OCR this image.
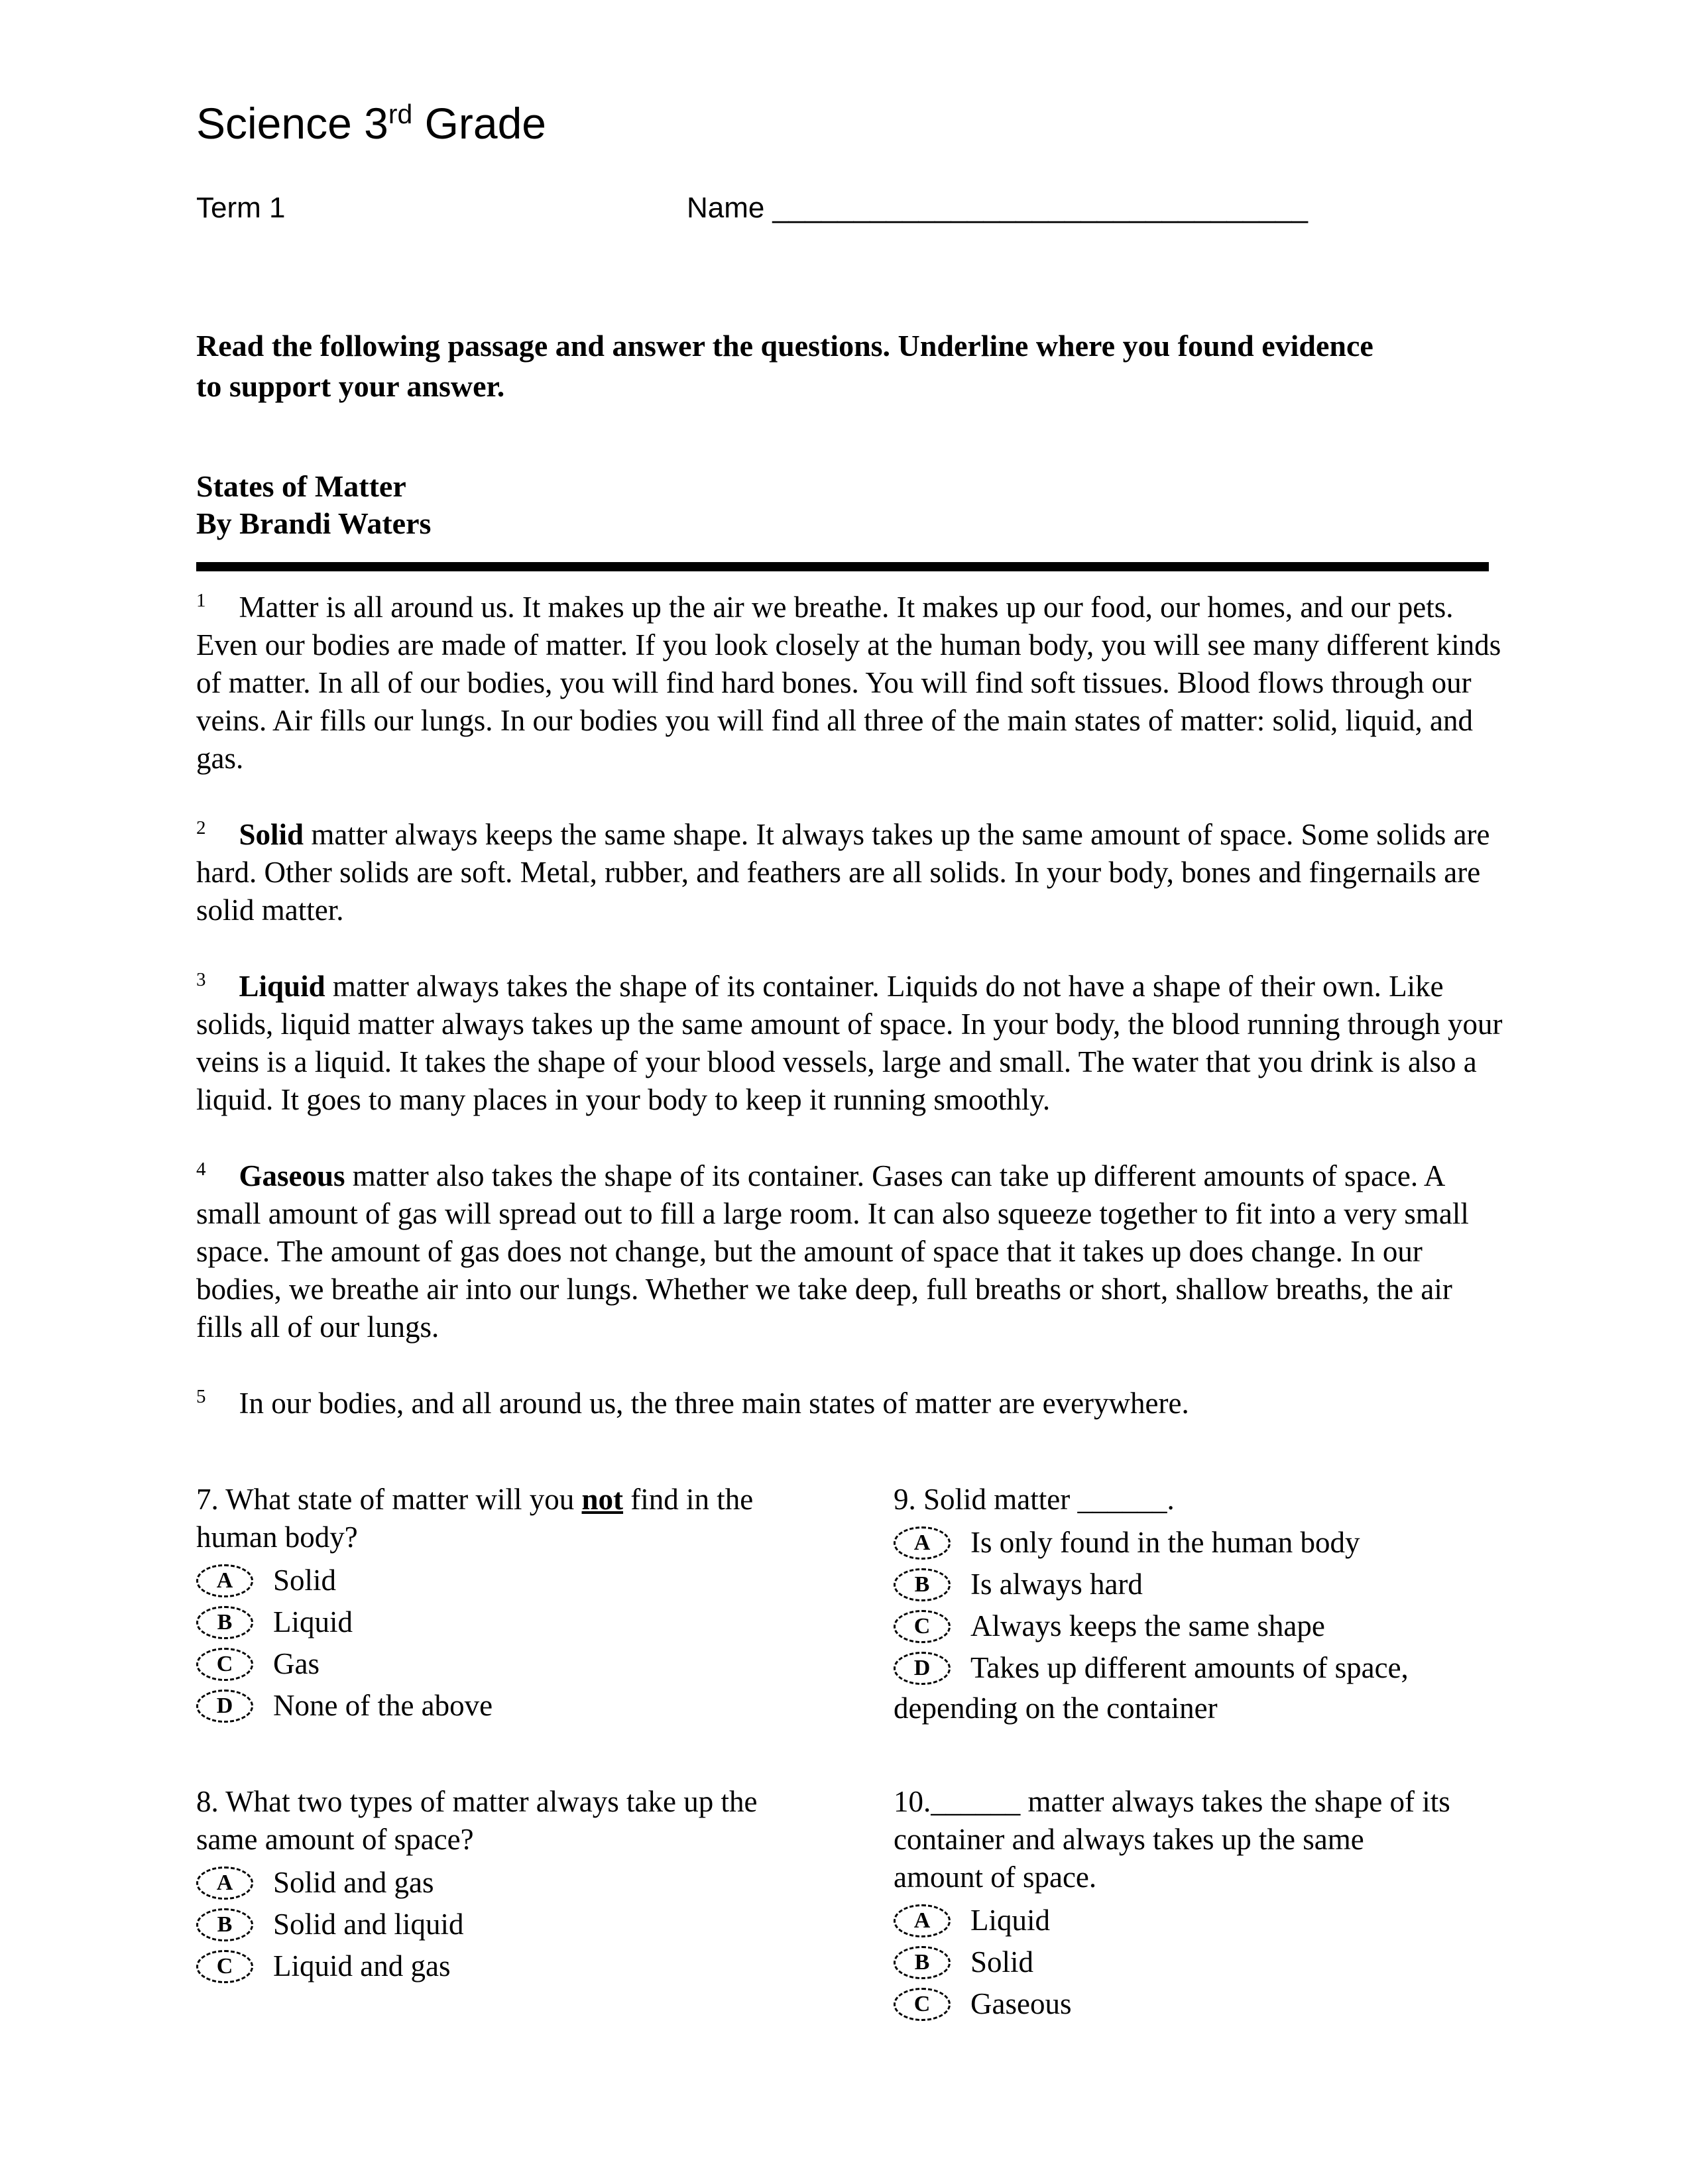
Science 3rd Grade
Term 1	Name _________________________________
Read the following passage and answer the questions. Underline where you found evidence to support your answer.
States of Matter
By Brandi Waters

$^1$ Matter is all around us. It makes up the air we breathe. It makes up our food, our homes, and our pets. Even our bodies are made of matter. If you look closely at the human body, you will see many different kinds of matter. In all of our bodies, you will find hard bones. You will find soft tissues. Blood flows through our veins. Air fills our lungs. In our bodies you will find all three of the main states of matter: solid, liquid, and gas.

$^2$ Solid matter always keeps the same shape. It always takes up the same amount of space. Some solids are hard. Other solids are soft. Metal, rubber, and feathers are all solids. In your body, bones and fingernails are solid matter.

$^3$ Liquid matter always takes the shape of its container. Liquids do not have a shape of their own. Like solids, liquid matter always takes up the same amount of space. In your body, the blood running through your veins is a liquid. It takes the shape of your blood vessels, large and small. The water that you drink is also a liquid. It goes to many places in your body to keep it running smoothly.

$^4$ Gaseous matter also takes the shape of its container. Gases can take up different amounts of space. A small amount of gas will spread out to fill a large room. It can also squeeze together to fit into a very small space. The amount of gas does not change, but the amount of space that it takes up does change. In our bodies, we breathe air into our lungs. Whether we take deep, full breaths or short, shallow breaths, the air fills all of our lungs.

$^5$ In our bodies, and all around us, the three main states of matter are everywhere.

7. What state of matter will you not find in the human body?
A	Solid
B	Liquid
C	Gas
D	None of the above
9. Solid matter ______.
A	Is only found in the human body
B	Is always hard
C	Always keeps the same shape
D	Takes up different amounts of space,
depending on the container
8. What two types of matter always take up the same amount of space?
A	Solid and gas
B	Solid and liquid
C	Liquid and gas
10.______ matter always takes the shape of its container and always takes up the same amount of space.
A	Liquid
B	Solid
C	Gaseous
